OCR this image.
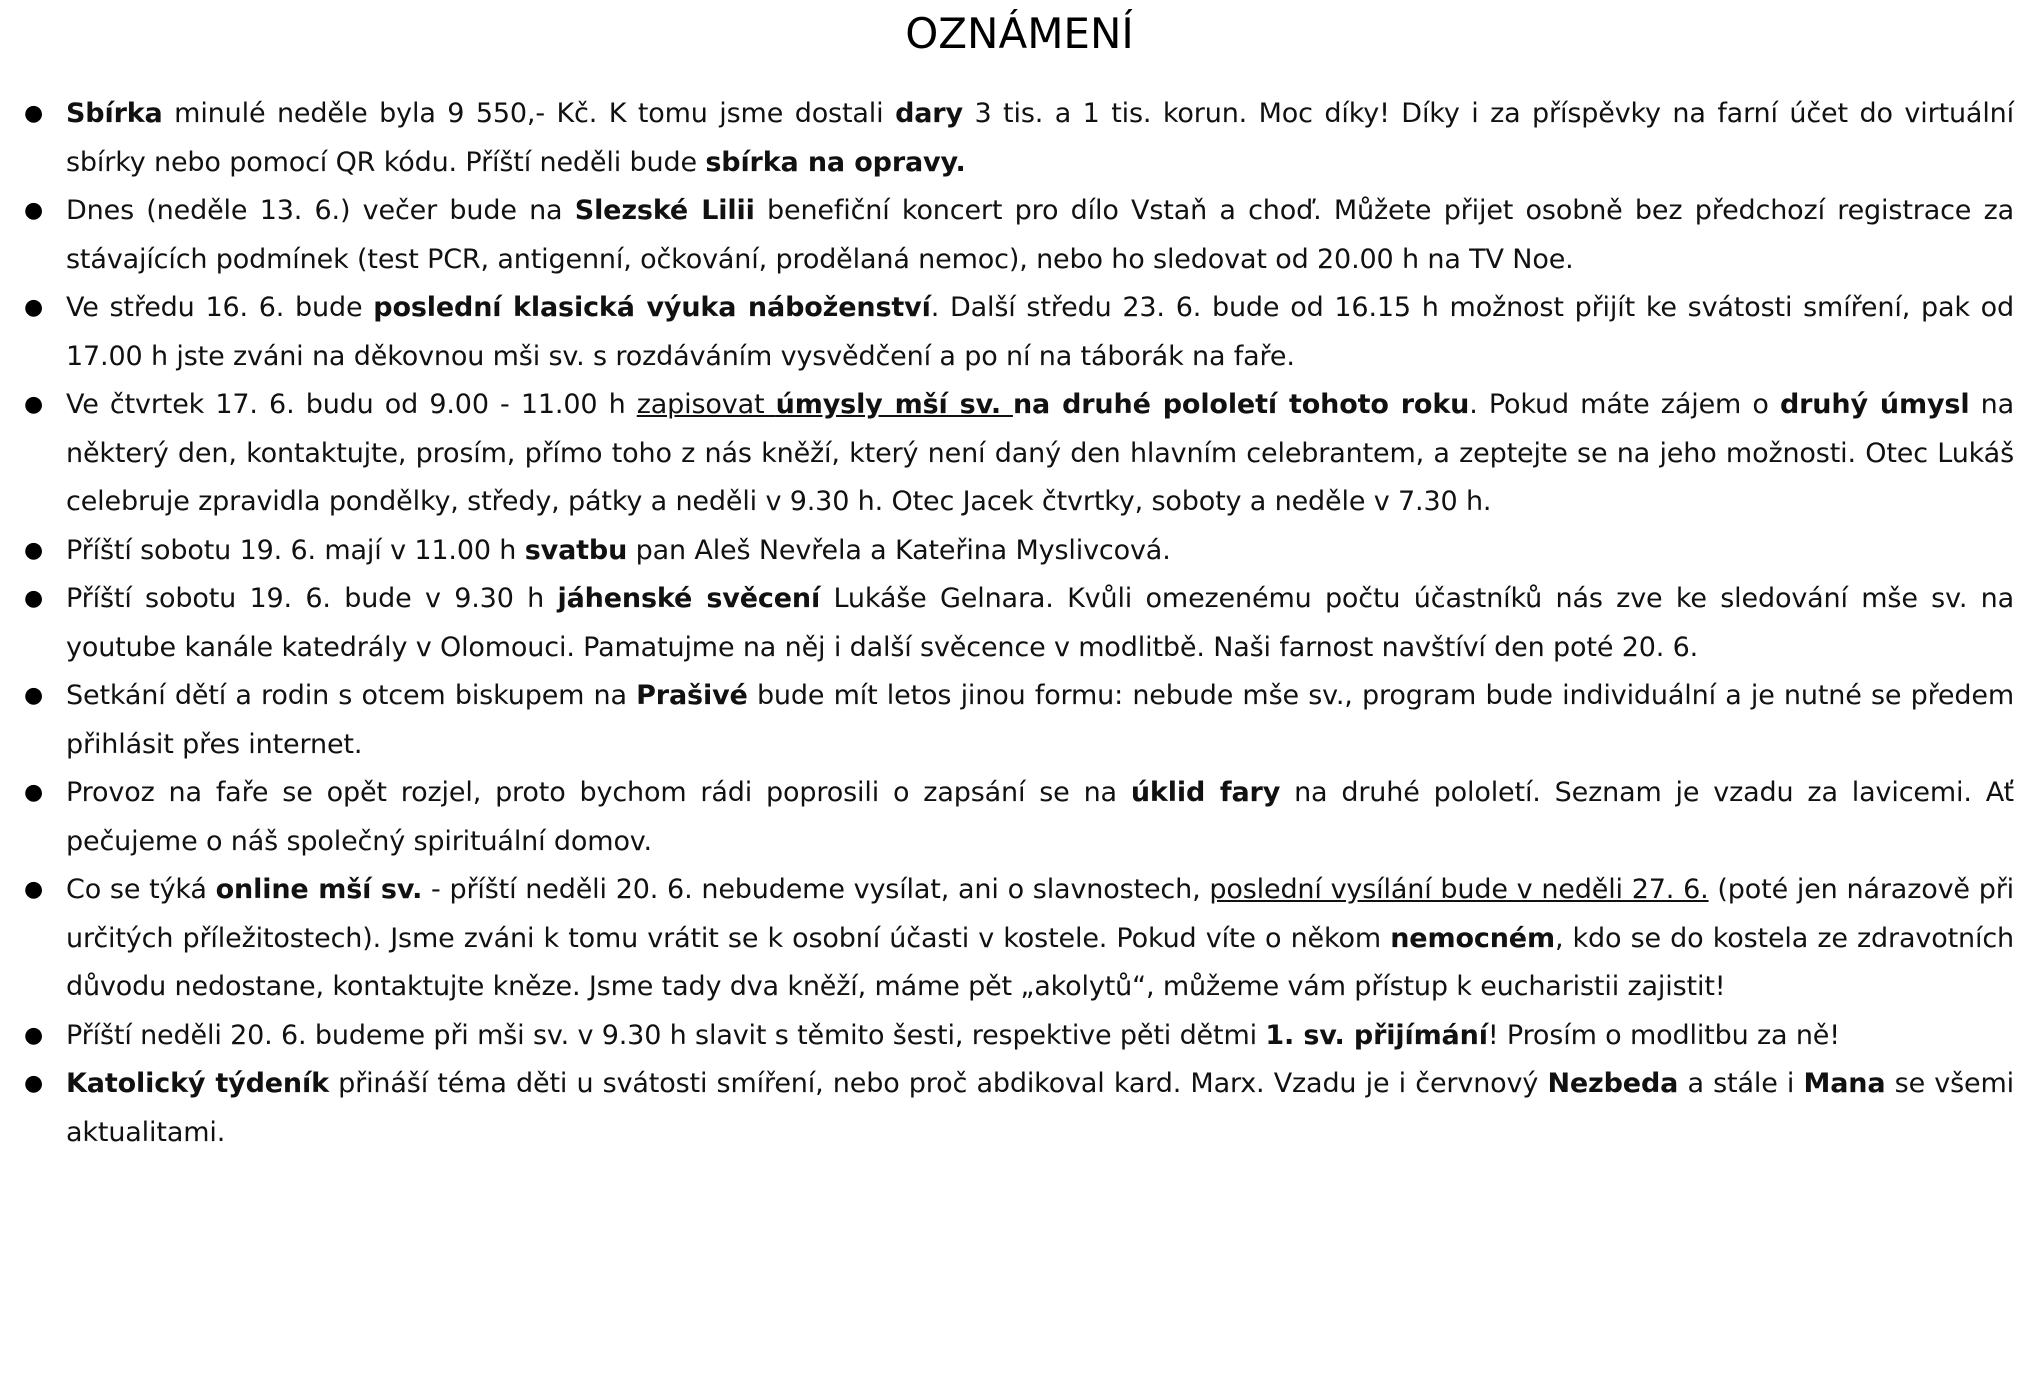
OZNÁMENÍ
● Sbírka minulé neděle byla 9 550,- Kč. K tomu jsme dostali dary 3 tis. a 1 tis. korun. Moc díky! Díky i za příspěvky na farní účet do virtuální sbírky nebo pomocí QR kódu. Příští neděli bude sbírka na opravy.
● Dnes (neděle 13. 6.) večer bude na Slezské Lilii benefiční koncert pro dílo Vstaň a choď. Můžete přijet osobně bez předchozí registrace za stávajících podmínek (test PCR, antigenní, očkování, prodělaná nemoc), nebo ho sledovat od 20.00 h na TV Noe.
● Ve středu 16. 6. bude poslední klasická výuka náboženství. Další středu 23. 6. bude od 16.15 h možnost přijít ke svátosti smíření, pak od 17.00 h jste zváni na děkovnou mši sv. s rozdáváním vysvědčení a po ní na táborák na faře.
● Ve čtvrtek 17. 6. budu od 9.00 - 11.00 h zapisovat úmysly mší sv. na druhé pololetí tohoto roku. Pokud máte zájem o druhý úmysl na některý den, kontaktujte, prosím, přímo toho z nás kněží, který není daný den hlavním celebrantem, a zeptejte se na jeho možnosti. Otec Lukáš celebruje zpravidla pondělky, středy, pátky a neděli v 9.30 h. Otec Jacek čtvrtky, soboty a neděle v 7.30 h.
● Příští sobotu 19. 6. mají v 11.00 h svatbu pan Aleš Nevřela a Kateřina Myslivcová.
● Příští sobotu 19. 6. bude v 9.30 h jáhenské svěcení Lukáše Gelnara. Kvůli omezenému počtu účastníků nás zve ke sledování mše sv. na youtube kanále katedrály v Olomouci. Pamatujme na něj i další svěcence v modlitbě. Naši farnost navštíví den poté 20. 6.
● Setkání dětí a rodin s otcem biskupem na Prašivé bude mít letos jinou formu: nebude mše sv., program bude individuální a je nutné se předem přihlásit přes internet.
● Provoz na faře se opět rozjel, proto bychom rádi poprosili o zapsání se na úklid fary na druhé pololetí. Seznam je vzadu za lavicemi. Ať pečujeme o náš společný spirituální domov.
● Co se týká online mší sv. - příští neděli 20. 6. nebudeme vysílat, ani o slavnostech, poslední vysílání bude v neděli 27. 6. (poté jen nárazově při určitých příležitostech). Jsme zváni k tomu vrátit se k osobní účasti v kostele. Pokud víte o někom nemocném, kdo se do kostela ze zdravotních důvodu nedostane, kontaktujte kněze. Jsme tady dva kněží, máme pět „akolytů“, můžeme vám přístup k eucharistii zajistit!
● Příští neděli 20. 6. budeme při mši sv. v 9.30 h slavit s těmito šesti, respektive pěti dětmi 1. sv. přijímání! Prosím o modlitbu za ně!
● Katolický týdeník přináší téma děti u svátosti smíření, nebo proč abdikoval kard. Marx. Vzadu je i červnový Nezbeda a stále i Mana se všemi aktualitami.
